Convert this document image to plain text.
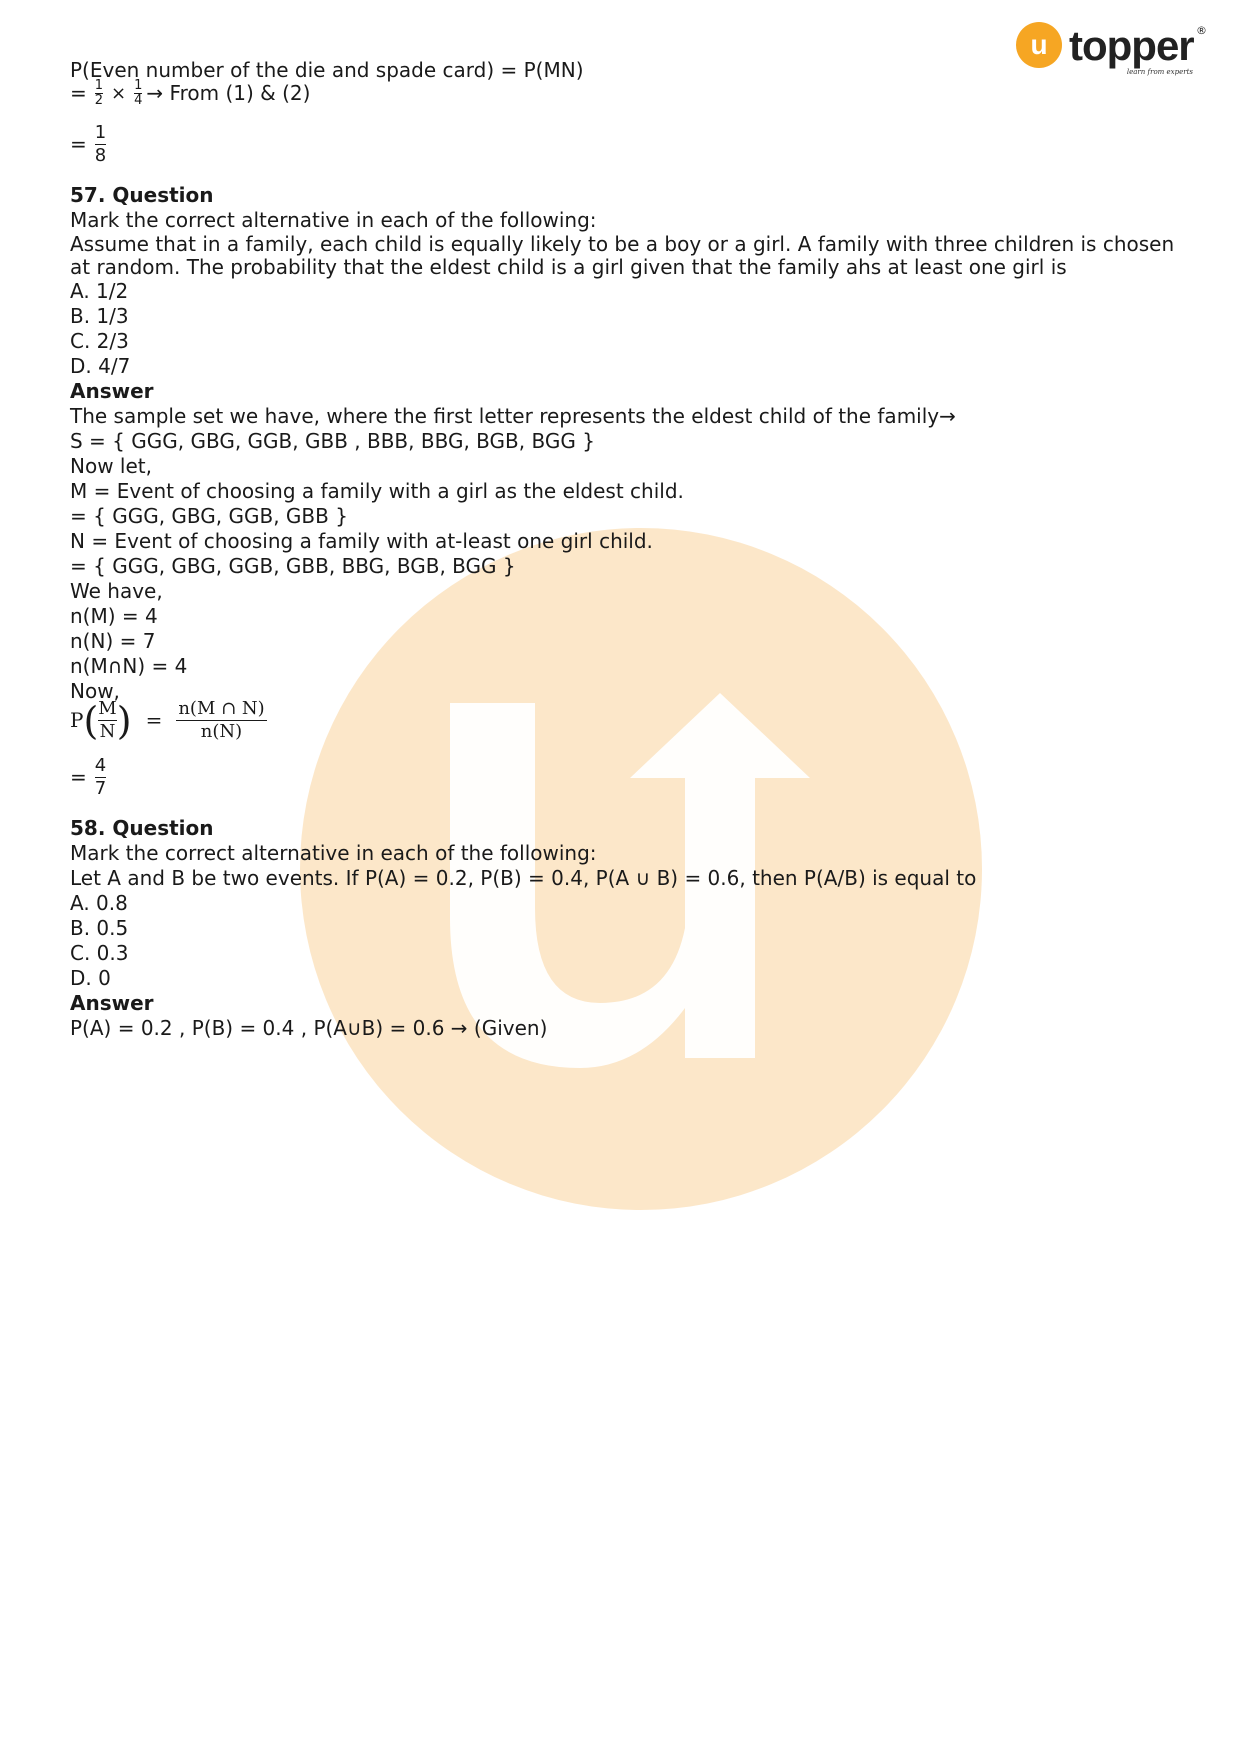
u topper ®
learn from experts

P(Even number of the die and spade card) = P(MN)

= $\frac{1}{2} \times \frac{1}{4}$ → From (1) & (2)
= $\frac{1}{8}$

57. Question

Mark the correct alternative in each of the following:

Assume that in a family, each child is equally likely to be a boy or a girl. A family with three children is chosen at random. The probability that the eldest child is a girl given that the family ahs at least one girl is

A. 1/2

B. 1/3

C. 2/3

D. 4/7

Answer

The sample set we have, where the first letter represents the eldest child of the family→

S = { GGG, GBG, GGB, GBB , BBB, BBG, BGB, BGG }

Now let,

M = Event of choosing a family with a girl as the eldest child.

= { GGG, GBG, GGB, GBB }

N = Event of choosing a family with at-least one girl child.

= { GGG, GBG, GGB, GBB, BBG, BGB, BGG }

We have,

n(M) = 4

n(N) = 7

n(M∩N) = 4

Now,

P ( $\frac{M}{N}$ ) = $\frac{n(M \cap N)}{n(N)}$
= $\frac{4}{7}$

58. Question

Mark the correct alternative in each of the following:

Let A and B be two events. If P(A) = 0.2, P(B) = 0.4, P(A ∪ B) = 0.6, then P(A/B) is equal to

A. 0.8

B. 0.5

C. 0.3

D. 0

Answer

P(A) = 0.2 , P(B) = 0.4 , P(A∪B) = 0.6 → (Given)
